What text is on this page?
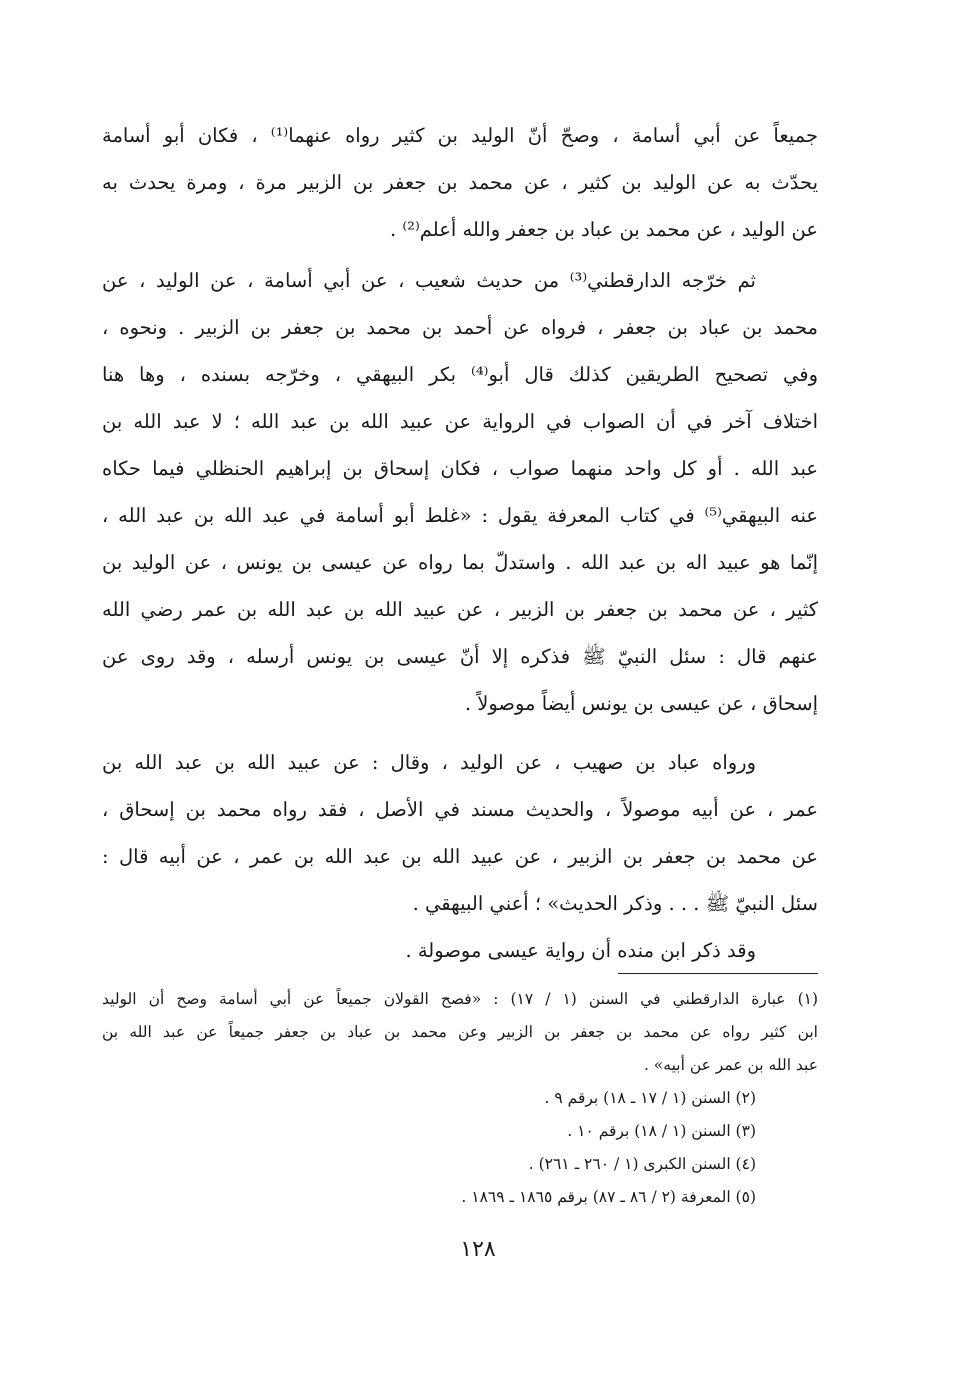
جميعاً عن أبي أسامة ، وصحّ أنّ الوليد بن كثير رواه عنهما⁽¹⁾ ، فكان أبو أسامة
يحدّث به عن الوليد بن كثير ، عن محمد بن جعفر بن الزبير مرة ، ومرة يحدث به
عن الوليد ، عن محمد بن عباد بن جعفر والله أعلم⁽²⁾ .
ثم خرّجه الدارقطني⁽³⁾ من حديث شعيب ، عن أبي أسامة ، عن الوليد ، عن
محمد بن عباد بن جعفر ، فرواه عن أحمد بن محمد بن جعفر بن الزبير . ونحوه ،
وفي تصحيح الطريقين كذلك قال أبو⁽⁴⁾ بكر البيهقي ، وخرّجه بسنده ، وها هنا
اختلاف آخر في أن الصواب في الرواية عن عبيد الله بن عبد الله ؛ لا عبد الله بن
عبد الله . أو كل واحد منهما صواب ، فكان إسحاق بن إبراهيم الحنظلي فيما حكاه
عنه البيهقي⁽⁵⁾ في كتاب المعرفة يقول : «غلط أبو أسامة في عبد الله بن عبد الله ،
إنّما هو عبيد اله بن عبد الله . واستدلّ بما رواه عن عيسى بن يونس ، عن الوليد بن
كثير ، عن محمد بن جعفر بن الزبير ، عن عبيد الله بن عبد الله بن عمر رضي الله
عنهم قال : سئل النبيّ ﷺ فذكره إلا أنّ عيسى بن يونس أرسله ، وقد روى عن
إسحاق ، عن عيسى بن يونس أيضاً موصولاً .
ورواه عباد بن صهيب ، عن الوليد ، وقال : عن عبيد الله بن عبد الله بن
عمر ، عن أبيه موصولاً ، والحديث مسند في الأصل ، فقد رواه محمد بن إسحاق ،
عن محمد بن جعفر بن الزبير ، عن عبيد الله بن عبد الله بن عمر ، عن أبيه قال :
سئل النبيّ ﷺ . . . وذكر الحديث» ؛ أعني البيهقي .
وقد ذكر ابن منده أن رواية عيسى موصولة .
(١) عبارة الدارقطني في السنن (١ / ١٧) : «فصح القولان جميعاً عن أبي أسامة وصح أن الوليد
ابن كثير رواه عن محمد بن جعفر بن الزبير وعن محمد بن عباد بن جعفر جميعاً عن عبد الله بن
عبد الله بن عمر عن أبيه» .
(٢) السنن (١ / ١٧ ـ ١٨) برقم ٩ .
(٣) السنن (١ / ١٨) برقم ١٠ .
(٤) السنن الكبرى (١ / ٢٦٠ ـ ٢٦١) .
(٥) المعرفة (٢ / ٨٦ ـ ٨٧) برقم ١٨٦٥ ـ ١٨٦٩ .
١٢٨
